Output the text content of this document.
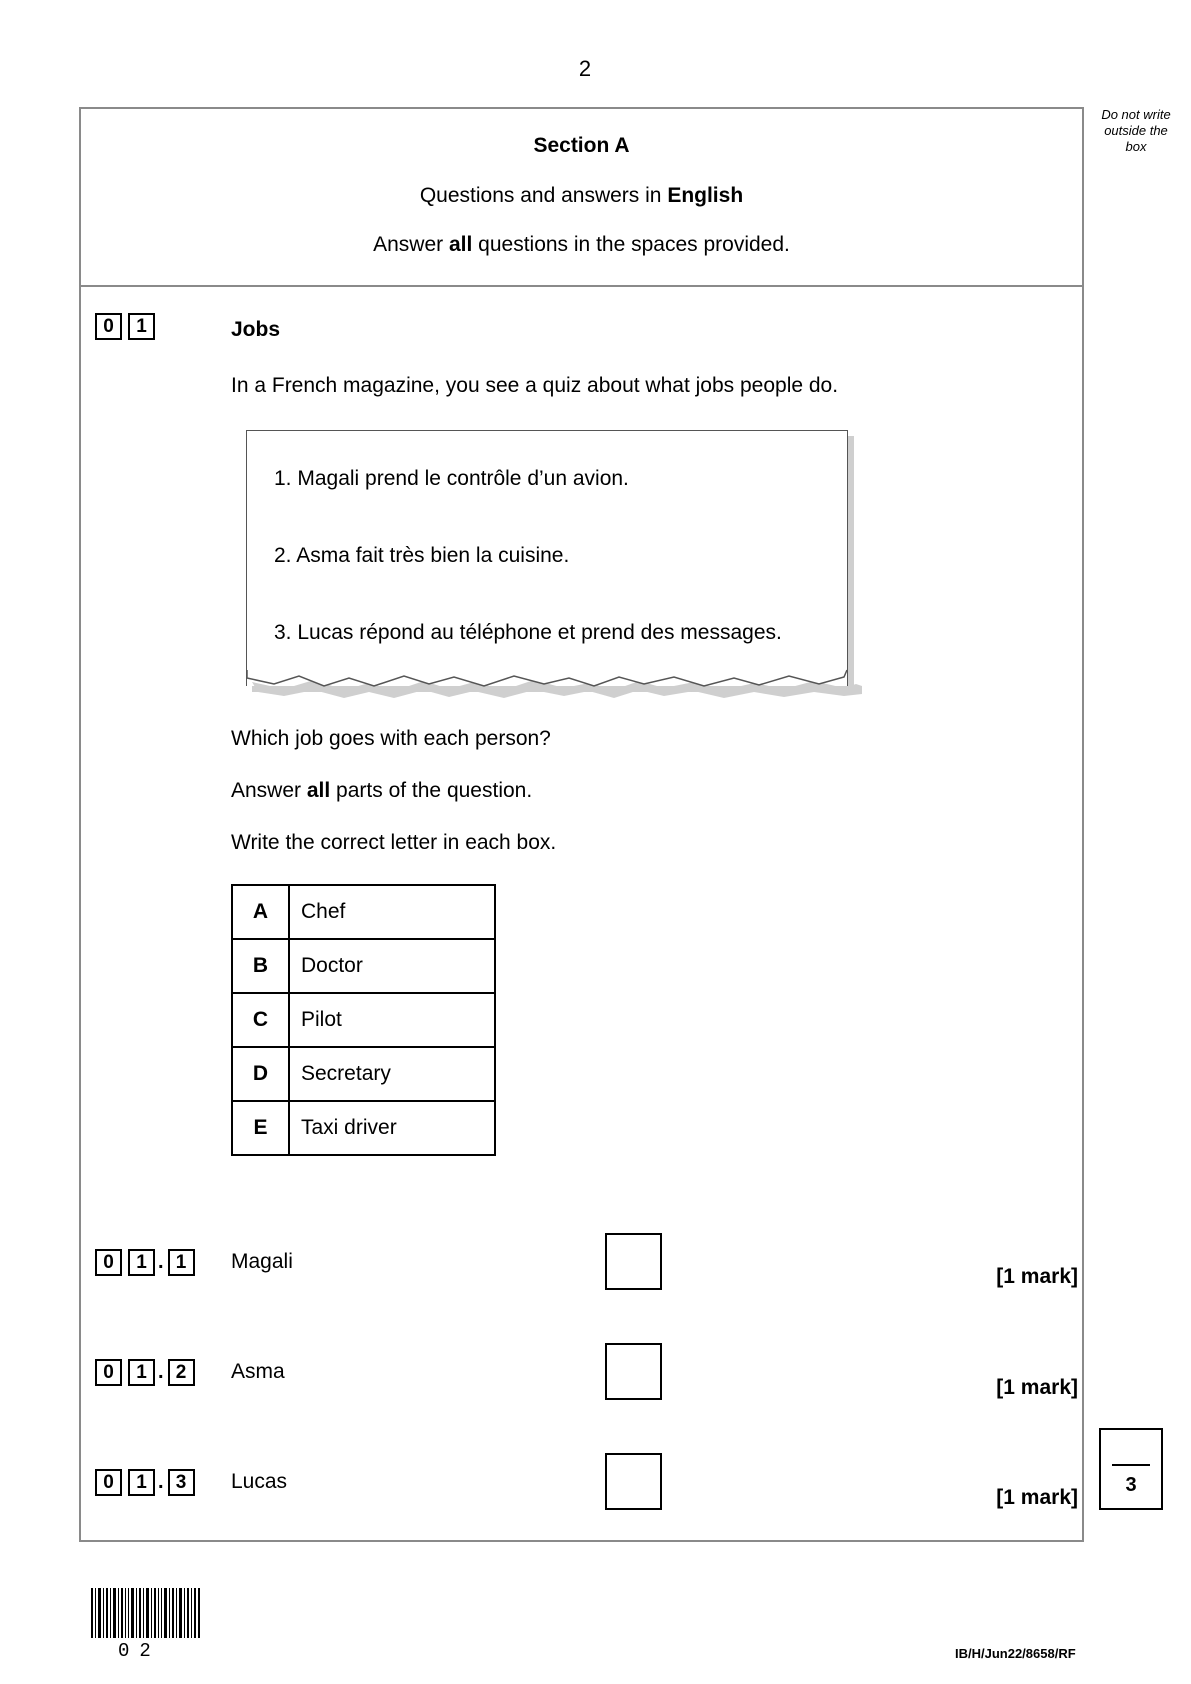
2
Do not write outside the box
Section A
Questions and answers in English
Answer all questions in the spaces provided.
0	1	Jobs
In a French magazine, you see a quiz about what jobs people do.
1. Magali prend le contrôle d’un avion.
2. Asma fait très bien la cuisine.
3. Lucas répond au téléphone et prend des messages.
Which job goes with each person?
Answer all parts of the question.
Write the correct letter in each box.
A	Chef
B	Doctor
C	Pilot
D	Secretary
E	Taxi driver
0	1 . 1	Magali
[1 mark]
0	1 . 2	Asma
[1 mark]
0	1 . 3	Lucas
[1 mark]
3
02	IB/H/Jun22/8658/RF
